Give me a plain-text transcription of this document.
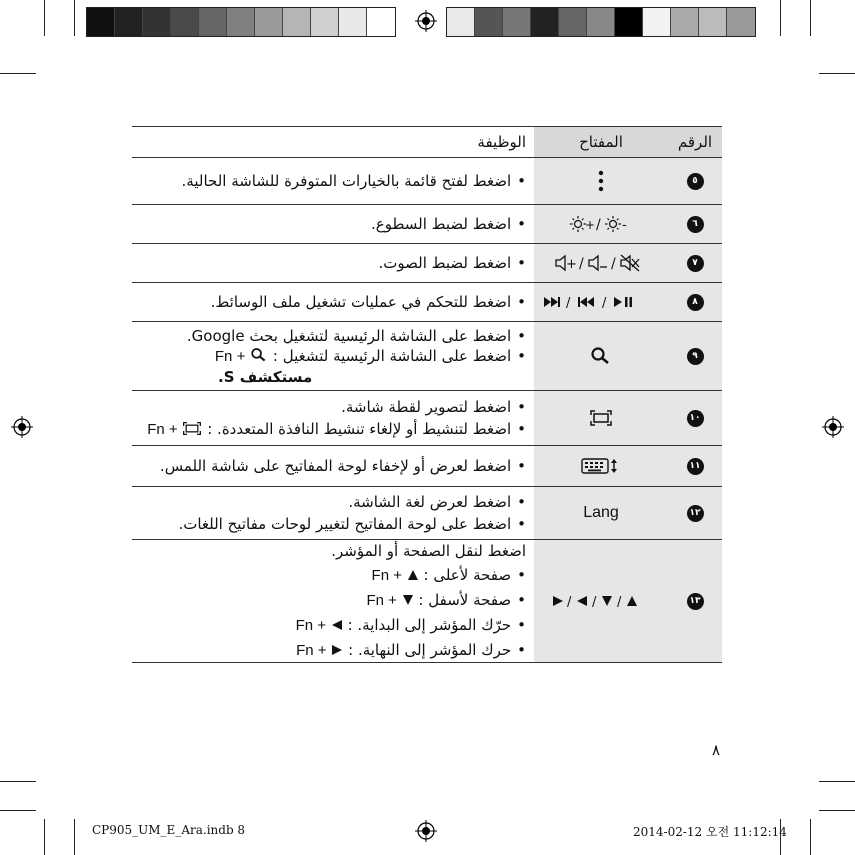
الرقم
المفتاح
الوظيفة
٥
• اضغط لفتح قائمة بالخيارات المتوفرة للشاشة الحالية.
٦
+ / -
• اضغط لضبط السطوع.
٧
+ / /
• اضغط لضبط الصوت.
٨
/ /
• اضغط للتحكم في عمليات تشغيل ملف الوسائط.
٩
• اضغط على الشاشة الرئيسية لتشغيل بحث Google.
• اضغط على الشاشة الرئيسية لتشغيل :  Fn +
مستكشف S.
١٠
• اضغط لتصوير لقطة شاشة.
• اضغط لتنشيط أو لإلغاء تنشيط النافذة المتعددة. :  Fn +
١١
• اضغط لعرض أو لإخفاء لوحة المفاتيح على شاشة اللمس.
١٢
Lang
• اضغط لعرض لغة الشاشة.
• اضغط على لوحة المفاتيح لتغيير لوحات مفاتيح اللغات.
١٣
/ / /
اضغط لنقل الصفحة أو المؤشر.
• صفحة لأعلى :  Fn +
• صفحة لأسفل :  Fn +
• حرّك المؤشر إلى البداية. :  Fn +
• حرك المؤشر إلى النهاية. :  Fn +
٨
CP905_UM_E_Ara.indb 8	2014-02-12 오전 11:12:14
